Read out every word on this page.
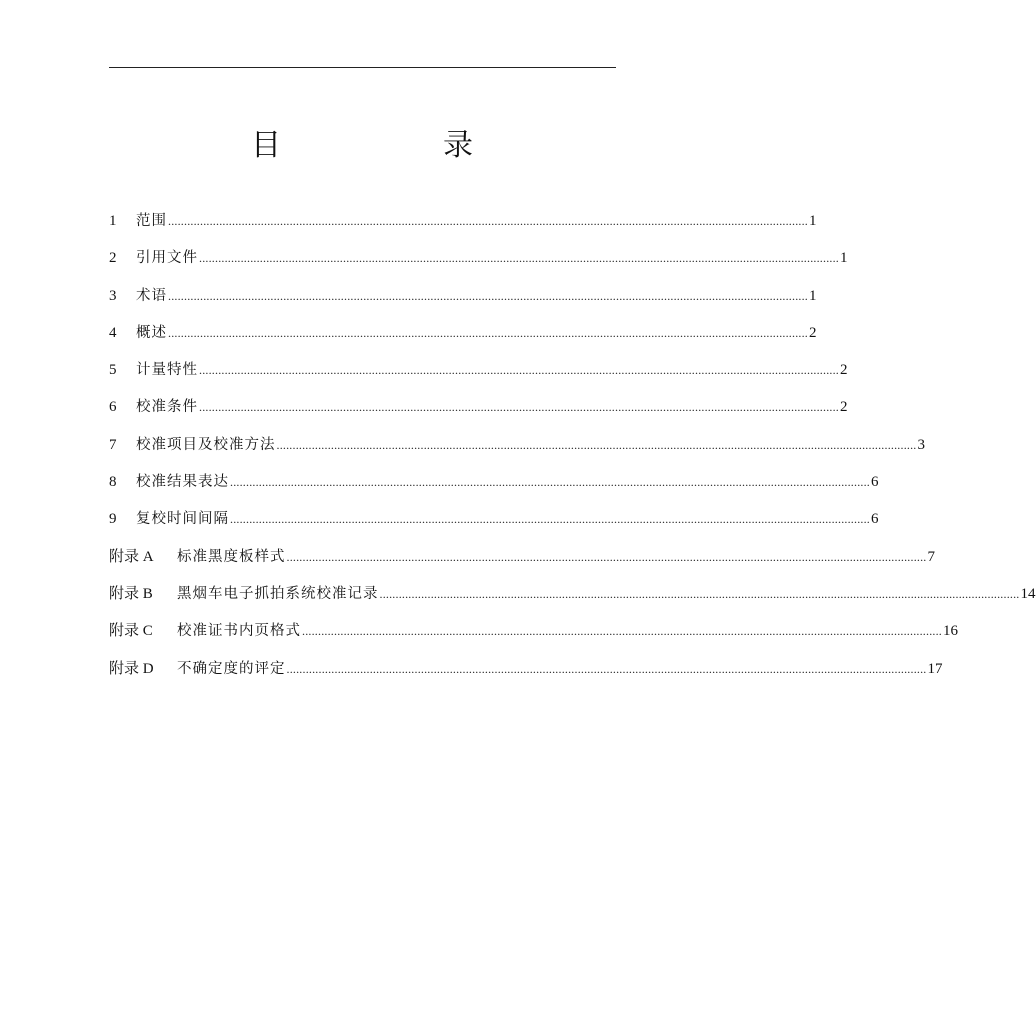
目　录
1	范围 ........................................................................................................................................................................................................ 1
2	引用文件 ........................................................................................................................................................................................................ 1
3	术语 ........................................................................................................................................................................................................ 1
4	概述 ........................................................................................................................................................................................................ 2
5	计量特性 ........................................................................................................................................................................................................ 2
6	校准条件 ........................................................................................................................................................................................................ 2
7	校准项目及校准方法 ........................................................................................................................................................................................................ 3
8	校准结果表达 ........................................................................................................................................................................................................ 6
9	复校时间间隔 ........................................................................................................................................................................................................ 6
附录 A	标准黑度板样式 ........................................................................................................................................................................................................ 7
附录 B	黑烟车电子抓拍系统校准记录 ........................................................................................................................................................................................................ 14
附录 C	校准证书内页格式 ........................................................................................................................................................................................................ 16
附录 D	不确定度的评定 ........................................................................................................................................................................................................ 17
